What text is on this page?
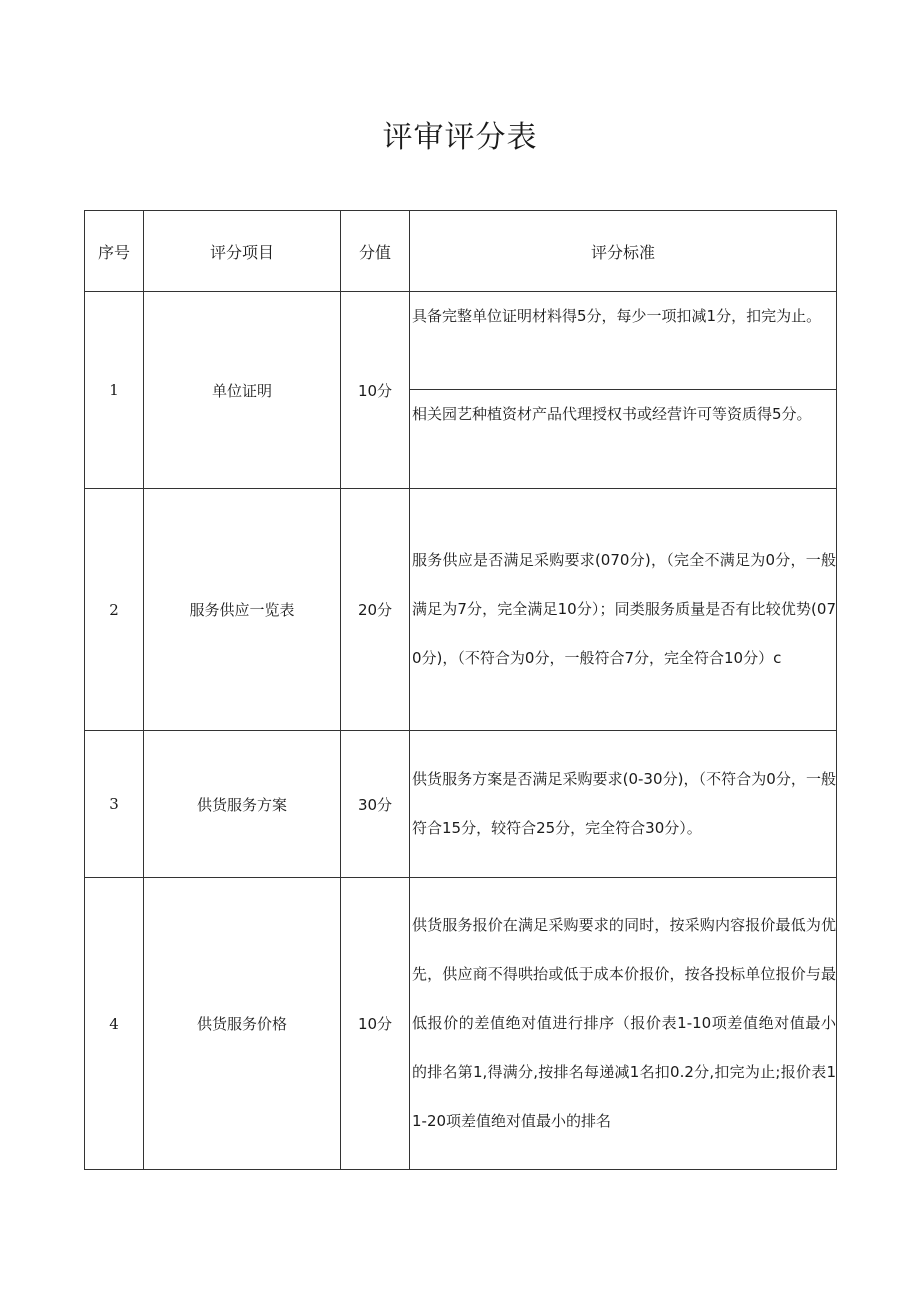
评审评分表
序号	评分项目	分值	评分标准
1	单位证明	10分	具备完整单位证明材料得5分，每少一项扣减1分，扣完为止。
相关园艺种植资材产品代理授权书或经营许可等资质得5分。

2	服务供应一览表	20分	服务供应是否满足采购要求(070分)，（完全不满足为0分，一般满足为7分，完全满足10分）；同类服务质量是否有比较优势(070分)，（不符合为0分，一般符合7分，完全符合10分）c

3	供货服务方案	30分	供货服务方案是否满足采购要求(0-30分)，（不符合为0分，一般符合15分，较符合25分，完全符合30分）。

4	供货服务价格	10分	供货服务报价在满足采购要求的同时，按采购内容报价最低为优先，供应商不得哄抬或低于成本价报价，按各投标单位报价与最低报价的差值绝对值进行排序（报价表1-10项差值绝对值最小的排名第1,得满分,按排名每递减1名扣0.2分,扣完为止;报价表11-20项差值绝对值最小的排名
